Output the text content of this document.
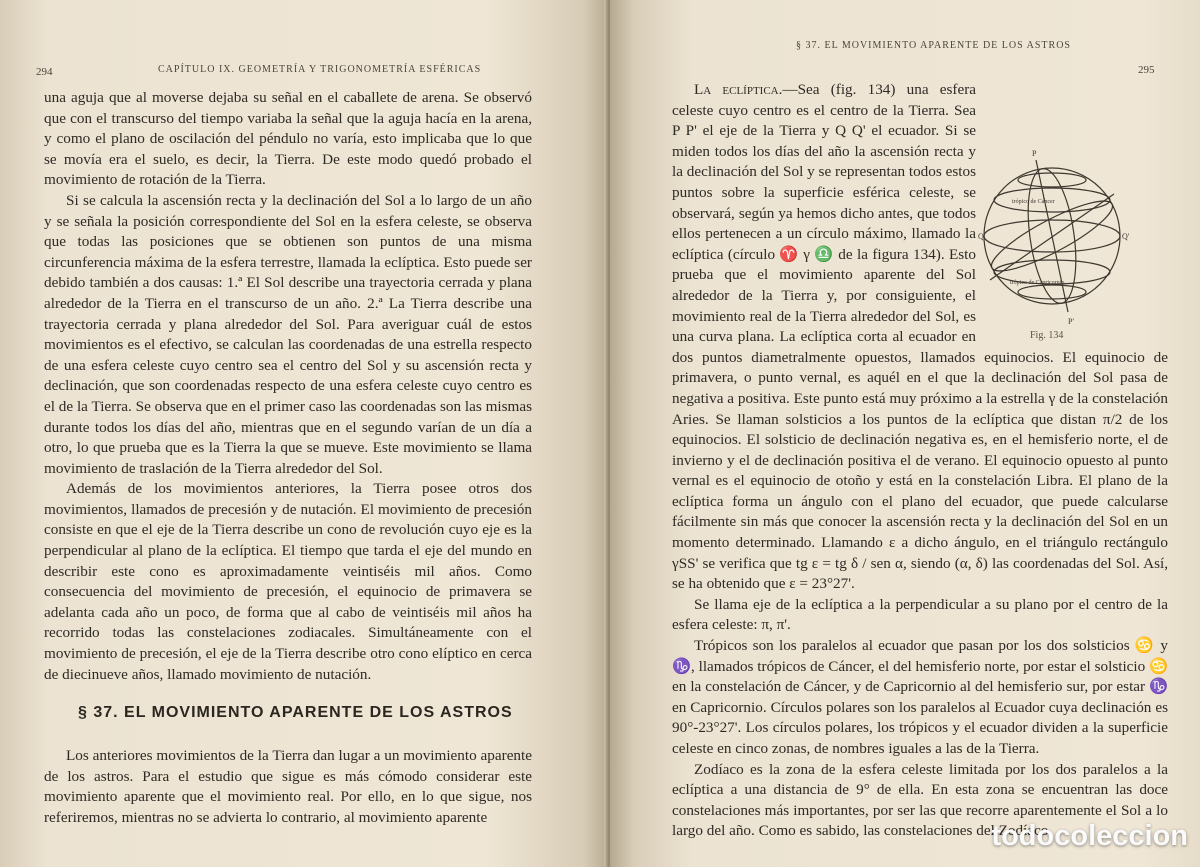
294	CAPÍTULO IX. GEOMETRÍA Y TRIGONOMETRÍA ESFÉRICAS

una aguja que al moverse dejaba su señal en el caballete de arena. Se observó que con el transcurso del tiempo variaba la señal que la aguja hacía en la arena, y como el plano de oscilación del péndulo no varía, esto implicaba que lo que se movía era el suelo, es decir, la Tierra. De este modo quedó probado el movimiento de rotación de la Tierra.

Si se calcula la ascensión recta y la declinación del Sol a lo largo de un año y se señala la posición correspondiente del Sol en la esfera celeste, se observa que todas las posiciones que se obtienen son puntos de una misma circunferencia máxima de la esfera terrestre, llamada la eclíptica. Esto puede ser debido también a dos causas: 1.ª El Sol describe una trayectoria cerrada y plana alrededor de la Tierra en el transcurso de un año. 2.ª La Tierra describe una trayectoria cerrada y plana alrededor del Sol. Para averiguar cuál de estos movimientos es el efectivo, se calculan las coordenadas de una estrella respecto de una esfera celeste cuyo centro sea el centro del Sol y su ascensión recta y declinación, que son coordenadas respecto de una esfera celeste cuyo centro es el de la Tierra. Se observa que en el primer caso las coordenadas son las mismas durante todos los días del año, mientras que en el segundo varían de un día a otro, lo que prueba que es la Tierra la que se mueve. Este movimiento se llama movimiento de traslación de la Tierra alrededor del Sol.

Además de los movimientos anteriores, la Tierra posee otros dos movimientos, llamados de precesión y de nutación. El movimiento de precesión consiste en que el eje de la Tierra describe un cono de revolución cuyo eje es la perpendicular al plano de la eclíptica. El tiempo que tarda el eje del mundo en describir este cono es aproximadamente veintiséis mil años. Como consecuencia del movimiento de precesión, el equinocio de primavera se adelanta cada año un poco, de forma que al cabo de veintiséis mil años ha recorrido todas las constelaciones zodiacales. Simultáneamente con el movimiento de precesión, el eje de la Tierra describe otro cono elíptico en cerca de diecinueve años, llamado movimiento de nutación.

§ 37. EL MOVIMIENTO APARENTE DE LOS ASTROS

Los anteriores movimientos de la Tierra dan lugar a un movimiento aparente de los astros. Para el estudio que sigue es más cómodo considerar este movimiento aparente que el movimiento real. Por ello, en lo que sigue, nos referiremos, mientras no se advierta lo contrario, al movimiento aparente

§ 37. EL MOVIMIENTO APARENTE DE LOS ASTROS
295
P
P'
Q	Q'
trópico de Cáncer
trópico de Capricornio
Fig. 134

La eclíptica.—Sea (fig. 134) una esfera celeste cuyo centro es el centro de la Tierra. Sea P P' el eje de la Tierra y Q Q' el ecuador. Si se miden todos los días del año la ascensión recta y la declinación del Sol y se representan todos estos puntos sobre la superficie esférica celeste, se observará, según ya hemos dicho antes, que todos ellos pertenecen a un círculo máximo, llamado la eclíptica (círculo ♈ γ ♎ de la figura 134). Esto prueba que el movimiento aparente del Sol alrededor de la Tierra y, por consiguiente, el movimiento real de la Tierra alrededor del Sol, es una curva plana. La eclíptica corta al ecuador en dos puntos diametralmente opuestos, llamados equinocios. El equinocio de primavera, o punto vernal, es aquél en el que la declinación del Sol pasa de negativa a positiva. Este punto está muy próximo a la estrella γ de la constelación Aries. Se llaman solsticios a los puntos de la eclíptica que distan π/2 de los equinocios. El solsticio de declinación negativa es, en el hemisferio norte, el de invierno y el de declinación positiva el de verano. El equinocio opuesto al punto vernal es el equinocio de otoño y está en la constelación Libra. El plano de la eclíptica forma un ángulo con el plano del ecuador, que puede calcularse fácilmente sin más que conocer la ascensión recta y la declinación del Sol en un momento determinado. Llamando ε a dicho ángulo, en el triángulo rectángulo γSS' se verifica que tg ε = tg δ / sen α, siendo (α, δ) las coordenadas del Sol. Así, se ha obtenido que ε = 23°27'.

Se llama eje de la eclíptica a la perpendicular a su plano por el centro de la esfera celeste: π, π'.

Trópicos son los paralelos al ecuador que pasan por los dos solsticios ♋ y ♑, llamados trópicos de Cáncer, el del hemisferio norte, por estar el solsticio ♋ en la constelación de Cáncer, y de Capricornio al del hemisferio sur, por estar ♑ en Capricornio. Círculos polares son los paralelos al Ecuador cuya declinación es 90°-23°27'. Los círculos polares, los trópicos y el ecuador dividen a la superficie celeste en cinco zonas, de nombres iguales a las de la Tierra.

Zodíaco es la zona de la esfera celeste limitada por los dos paralelos a la eclíptica a una distancia de 9° de ella. En esta zona se encuentran las doce constelaciones más importantes, por ser las que recorre aparentemente el Sol a lo largo del año. Como es sabido, las constelaciones del Zodíaco

todocoleccion
